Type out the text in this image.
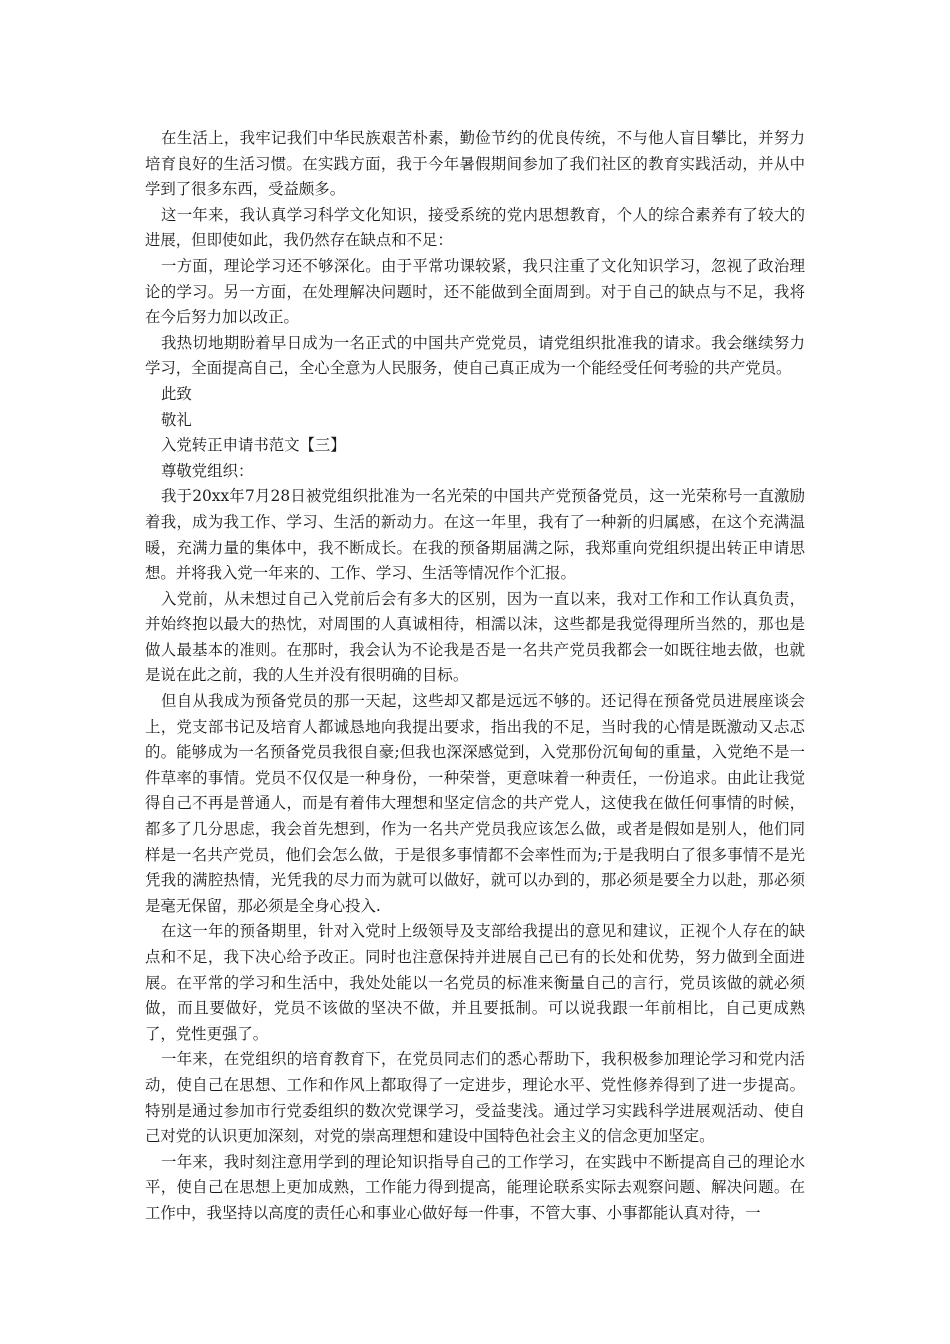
在生活上，我牢记我们中华民族艰苦朴素，勤俭节约的优良传统，不与他人盲目攀比，并努力培育良好的生活习惯。在实践方面，我于今年暑假期间参加了我们社区的教育实践活动，并从中学到了很多东西，受益颇多。

这一年来，我认真学习科学文化知识，接受系统的党内思想教育，个人的综合素养有了较大的进展，但即使如此，我仍然存在缺点和不足：

一方面，理论学习还不够深化。由于平常功课较紧，我只注重了文化知识学习，忽视了政治理论的学习。另一方面，在处理解决问题时，还不能做到全面周到。对于自己的缺点与不足，我将在今后努力加以改正。

我热切地期盼着早日成为一名正式的中国共产党党员，请党组织批准我的请求。我会继续努力学习，全面提高自己，全心全意为人民服务，使自己真正成为一个能经受任何考验的共产党员。

此致

敬礼

入党转正申请书范文【三】

尊敬党组织：

我于20xx年7月28日被党组织批准为一名光荣的中国共产党预备党员，这一光荣称号一直激励着我，成为我工作、学习、生活的新动力。在这一年里，我有了一种新的归属感，在这个充满温暖，充满力量的集体中，我不断成长。在我的预备期届满之际，我郑重向党组织提出转正申请思想。并将我入党一年来的、工作、学习、生活等情况作个汇报。

入党前，从未想过自己入党前后会有多大的区别，因为一直以来，我对工作和工作认真负责，并始终抱以最大的热忱，对周围的人真诚相待，相濡以沫，这些都是我觉得理所当然的，那也是做人最基本的准则。在那时，我会认为不论我是否是一名共产党员我都会一如既往地去做，也就是说在此之前，我的人生并没有很明确的目标。

但自从我成为预备党员的那一天起，这些却又都是远远不够的。还记得在预备党员进展座谈会上，党支部书记及培育人都诚恳地向我提出要求，指出我的不足，当时我的心情是既激动又忐忑的。能够成为一名预备党员我很自豪;但我也深深感觉到，入党那份沉甸甸的重量，入党绝不是一件草率的事情。党员不仅仅是一种身份，一种荣誉，更意味着一种责任，一份追求。由此让我觉得自己不再是普通人，而是有着伟大理想和坚定信念的共产党人，这使我在做任何事情的时候，都多了几分思虑，我会首先想到，作为一名共产党员我应该怎么做，或者是假如是别人，他们同样是一名共产党员，他们会怎么做，于是很多事情都不会率性而为;于是我明白了很多事情不是光凭我的满腔热情，光凭我的尽力而为就可以做好，就可以办到的，那必须是要全力以赴，那必须是毫无保留，那必须是全身心投入.

在这一年的预备期里，针对入党时上级领导及支部给我提出的意见和建议，正视个人存在的缺点和不足，我下决心给予改正。同时也注意保持并进展自己已有的长处和优势，努力做到全面进展。在平常的学习和生活中，我处处能以一名党员的标准来衡量自己的言行，党员该做的就必须做，而且要做好，党员不该做的坚决不做，并且要抵制。可以说我跟一年前相比，自己更成熟了，党性更强了。

一年来，在党组织的培育教育下，在党员同志们的悉心帮助下，我积极参加理论学习和党内活动，使自己在思想、工作和作风上都取得了一定进步，理论水平、党性修养得到了进一步提高。特别是通过参加市行党委组织的数次党课学习，受益斐浅。通过学习实践科学进展观活动、使自己对党的认识更加深刻，对党的崇高理想和建设中国特色社会主义的信念更加坚定。

一年来，我时刻注意用学到的理论知识指导自己的工作学习，在实践中不断提高自己的理论水平，使自己在思想上更加成熟，工作能力得到提高，能理论联系实际去观察问题、解决问题。在工作中，我坚持以高度的责任心和事业心做好每一件事，不管大事、小事都能认真对待，一
